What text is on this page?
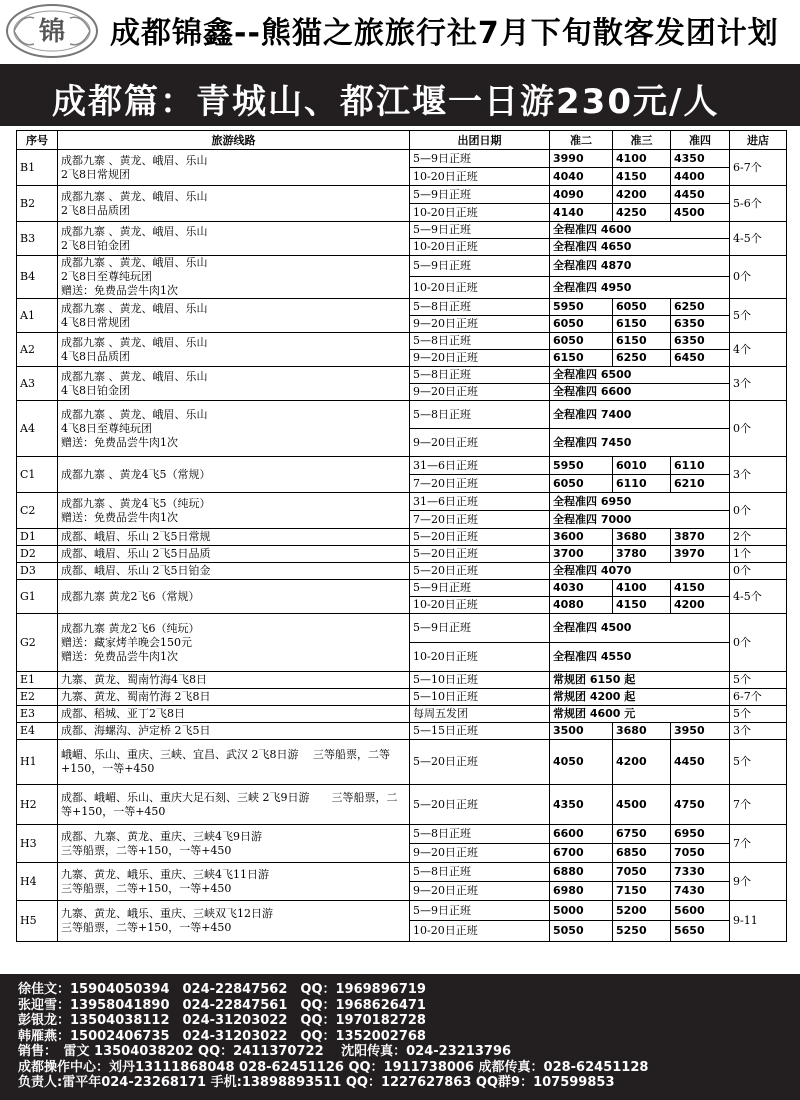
锦 成都锦鑫--熊猫之旅旅行社7月下旬散客发团计划
成都篇：青城山、都江堰一日游230元/人
序号	旅游线路	出团日期	准二	准三	准四	进店
B1	成都九寨 、黄龙、峨眉、乐山
2飞8日常规团	5—9日正班	3990	4100	4350	6-7个
		10-20日正班	4040	4150	4400	
B2	成都九寨 、黄龙、峨眉、乐山
2飞8日品质团	5—9日正班	4090	4200	4450	5-6个
		10-20日正班	4140	4250	4500	
B3	成都九寨 、黄龙、峨眉、乐山
2飞8日铂金团	5—9日正班	全程准四 4600			4-5个
		10-20日正班	全程准四 4650			
B4	成都九寨 、黄龙、峨眉、乐山
2飞8日至尊纯玩团
赠送：免费品尝牛肉1次	5—9日正班	全程准四 4870			0个
		10-20日正班	全程准四 4950			
A1	成都九寨 、黄龙、峨眉、乐山
4飞8日常规团	5—8日正班	5950	6050	6250	5个
		9—20日正班	6050	6150	6350	
A2	成都九寨 、黄龙、峨眉、乐山
4飞8日品质团	5—8日正班	6050	6150	6350	4个
		9—20日正班	6150	6250	6450	
A3	成都九寨 、黄龙、峨眉、乐山
4飞8日铂金团	5—8日正班	全程准四 6500			3个
		9—20日正班	全程准四 6600			
A4	成都九寨 、黄龙、峨眉、乐山
4飞8日至尊纯玩团
赠送：免费品尝牛肉1次	5—8日正班	全程准四 7400			0个
		9—20日正班	全程准四 7450			
C1	成都九寨 、黄龙4飞5（常规）	31—6日正班	5950	6010	6110	3个
		7—20日正班	6050	6110	6210	
C2	成都九寨 、黄龙4飞5（纯玩）
赠送：免费品尝牛肉1次	31—6日正班	全程准四 6950			0个
		7—20日正班	全程准四 7000			
D1	成都、峨眉、乐山 2飞5日常规	5—20日正班	3600	3680	3870	2个
D2	成都、峨眉、乐山 2飞5日品质	5—20日正班	3700	3780	3970	1个
D3	成都、峨眉、乐山 2飞5日铂金	5—20日正班	全程准四 4070			0个
G1	成都九寨 黄龙2飞6（常规）	5—9日正班	4030	4100	4150	4-5个
		10-20日正班	4080	4150	4200	
G2	成都九寨 黄龙2飞6（纯玩）
赠送：藏家烤羊晚会150元
赠送：免费品尝牛肉1次	5—9日正班	全程准四 4500			0个
		10-20日正班	全程准四 4550			
E1	九寨、黄龙、蜀南竹海4飞8日	5—10日正班	常规团 6150 起			5个
E2	九寨、黄龙、蜀南竹海 2飞8日	5—10日正班	常规团 4200 起			6-7个
E3	成都、稻城、亚丁2飞8日	每周五发团	常规团 4600 元			5个
E4	成都、海螺沟、泸定桥 2飞5日	5—15日正班	3500	3680	3950	3个
H1	峨嵋、乐山、重庆、三峡、宜昌、武汉 2飞8日游　 三等船票，二等+150，一等+450	5—20日正班	4050	4200	4450	5个
H2	成都、峨嵋、乐山、重庆大足石刻、三峡 2飞9日游　　三等船票，二等+150，一等+450	5—20日正班	4350	4500	4750	7个
H3	成都、九寨、黄龙、重庆、三峡4飞9日游
三等船票，二等+150，一等+450	5—8日正班	6600	6750	6950	7个
		9—20日正班	6700	6850	7050	
H4	九寨、黄龙、峨乐、重庆、三峡4飞11日游
三等船票，二等+150，一等+450	5—8日正班	6880	7050	7330	9个
		9—20日正班	6980	7150	7430	
H5	九寨、黄龙、峨乐、重庆、三峡双飞12日游
三等船票，二等+150，一等+450	5—9日正班	5000	5200	5600	9-11
		10-20日正班	5050	5250	5650	
徐佳文：15904050394　024-22847562　QQ：1969896719
张迎雪：13958041890　024-22847561　QQ：1968626471
彭银龙：13504038112　024-31203022　QQ：1970182728
韩雁燕：15002406735　024-31203022　QQ：1352002768
销售：　雷文 13504038202 QQ：2411370722　 沈阳传真：024-23213796
成都操作中心：刘丹13111868048 028-62451126 QQ：1911738006 成都传真：028-62451128
负责人:雷平年024-23268171 手机:13898893511 QQ：1227627863 QQ群9：107599853
